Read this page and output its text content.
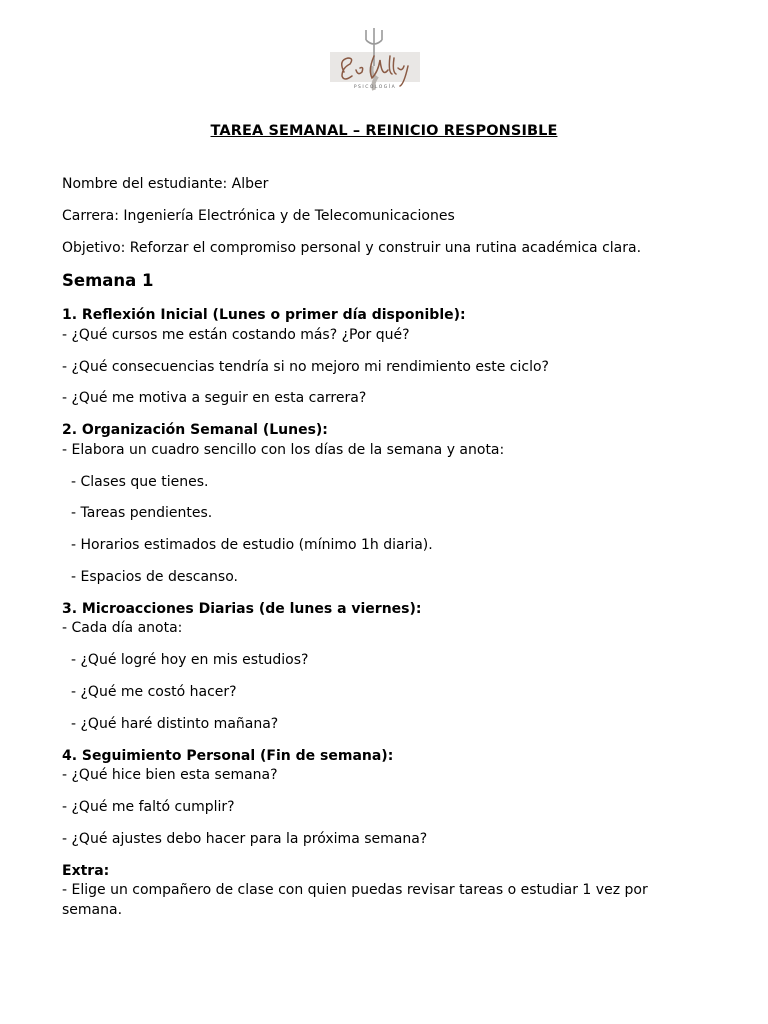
PSICOLOGÍA
TAREA SEMANAL – REINICIO RESPONSIBLE
Nombre del estudiante: Alber
Carrera: Ingeniería Electrónica y de Telecomunicaciones
Objetivo: Reforzar el compromiso personal y construir una rutina académica clara.
Semana 1
1. Reflexión Inicial (Lunes o primer día disponible):
- ¿Qué cursos me están costando más? ¿Por qué?
- ¿Qué consecuencias tendría si no mejoro mi rendimiento este ciclo?
- ¿Qué me motiva a seguir en esta carrera?
2. Organización Semanal (Lunes):
- Elabora un cuadro sencillo con los días de la semana y anota:
- Clases que tienes.
- Tareas pendientes.
- Horarios estimados de estudio (mínimo 1h diaria).
- Espacios de descanso.
3. Microacciones Diarias (de lunes a viernes):
- Cada día anota:
- ¿Qué logré hoy en mis estudios?
- ¿Qué me costó hacer?
- ¿Qué haré distinto mañana?
4. Seguimiento Personal (Fin de semana):
- ¿Qué hice bien esta semana?
- ¿Qué me faltó cumplir?
- ¿Qué ajustes debo hacer para la próxima semana?
Extra:
- Elige un compañero de clase con quien puedas revisar tareas o estudiar 1 vez por semana.
